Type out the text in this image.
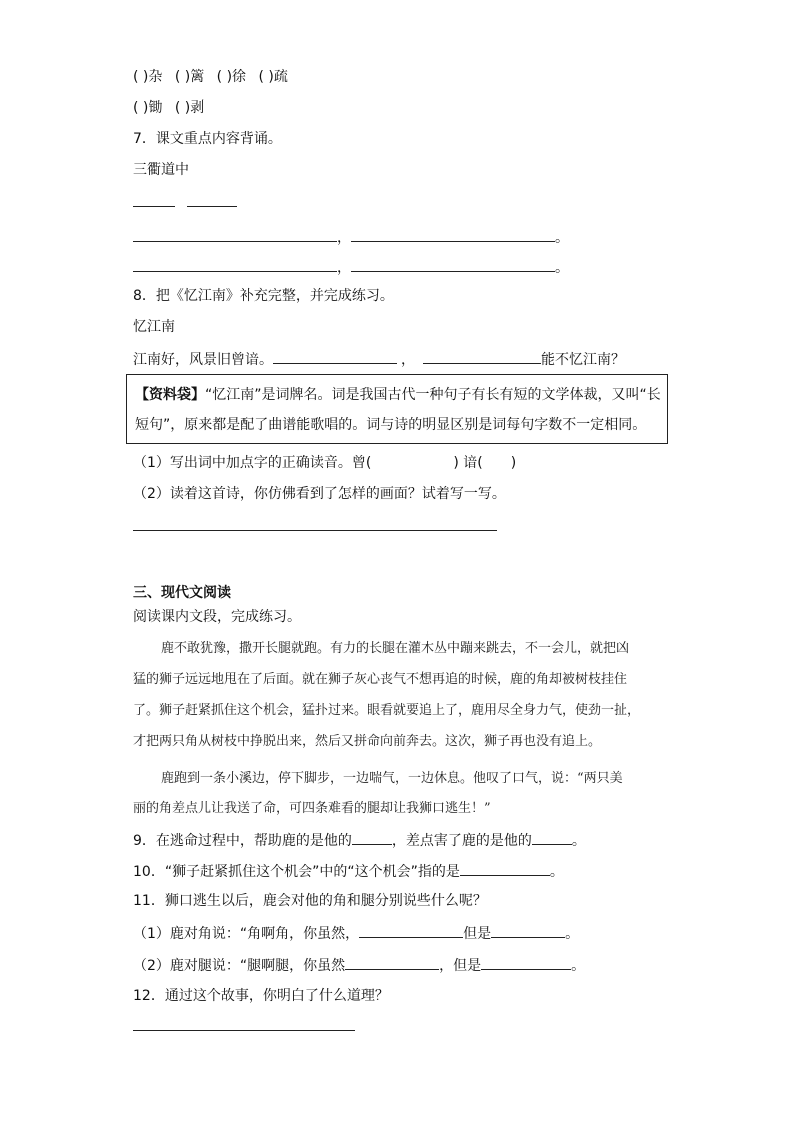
( )杂 ( )篱 ( )徐 ( )疏
( )锄 ( )剥
7．课文重点内容背诵。
三衢道中
，	。
，	。
8．把《忆江南》补充完整，并完成练习。
忆江南
江南好，风景旧曾谙。	，	能不忆江南？

【资料袋】“忆江南”是词牌名。词是我国古代一种句子有长有短的文学体裁，又叫“长

短句”，原来都是配了曲谱能歌唱的。词与诗的明显区别是词每句字数不一定相同。

（1）写出词中加点字的正确读音。曾(	) 谙( )
（2）读着这首诗，你仿佛看到了怎样的画面？试着写一写。
三、现代文阅读
阅读课内文段，完成练习。
鹿不敢犹豫，撒开长腿就跑。有力的长腿在灌木丛中蹦来跳去，不一会儿，就把凶
猛的狮子远远地甩在了后面。就在狮子灰心丧气不想再追的时候，鹿的角却被树枝挂住
了。狮子赶紧抓住这个机会，猛扑过来。眼看就要追上了，鹿用尽全身力气，使劲一扯，
才把两只角从树枝中挣脱出来，然后又拼命向前奔去。这次，狮子再也没有追上。
鹿跑到一条小溪边，停下脚步，一边喘气，一边休息。他叹了口气，说：“两只美
丽的角差点儿让我送了命，可四条难看的腿却让我狮口逃生！”
9．在逃命过程中，帮助鹿的是他的	，差点害了鹿的是他的	。
10．“狮子赶紧抓住这个机会”中的“这个机会”指的是	。
11．狮口逃生以后，鹿会对他的角和腿分别说些什么呢？
（1）鹿对角说：“角啊角，你虽然，	但是	。
（2）鹿对腿说：“腿啊腿，你虽然	，但是	。
12．通过这个故事，你明白了什么道理？
